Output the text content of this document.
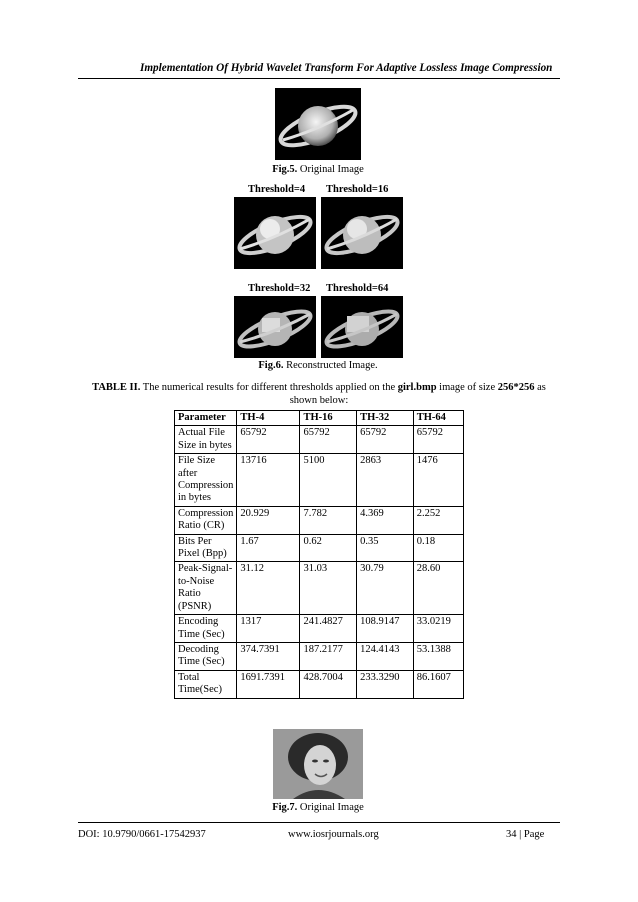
Implementation Of Hybrid Wavelet Transform For Adaptive Lossless Image Compression
Fig.5. Original Image
Threshold=4 Threshold=16
Threshold=32 Threshold=64
Fig.6. Reconstructed Image.
TABLE II. The numerical results for different thresholds applied on the girl.bmp image of size 256*256 as shown below:
Parameter	TH-4	TH-16	TH-32	TH-64
Actual File Size in bytes	65792	65792	65792	65792
File Size after Compression in bytes	13716	5100	2863	1476
Compression Ratio (CR)	20.929	7.782	4.369	2.252
Bits Per Pixel (Bpp)	1.67	0.62	0.35	0.18
Peak-Signal-to-Noise Ratio (PSNR)	31.12	31.03	30.79	28.60
Encoding Time (Sec)	1317	241.4827	108.9147	33.0219
Decoding Time (Sec)	374.7391	187.2177	124.4143	53.1388
Total Time(Sec)	1691.7391	428.7004	233.3290	86.1607
Fig.7. Original Image
DOI: 10.9790/0661-17542937	www.iosrjournals.org	34 | Page
